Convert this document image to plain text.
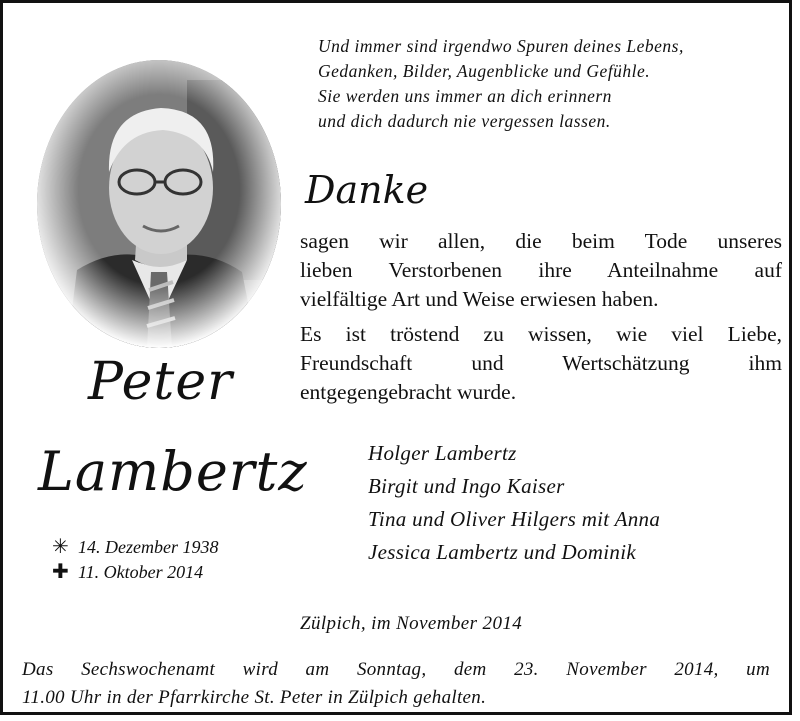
Peter
Lambertz
✳ 14. Dezember 1938
✚ 11. Oktober 2014
Und immer sind irgendwo Spuren deines Lebens,
Gedanken, Bilder, Augenblicke und Gefühle.
Sie werden uns immer an dich erinnern
und dich dadurch nie vergessen lassen.
Danke
sagen wir allen, die beim Tode unseres
lieben Verstorbenen ihre Anteilnahme auf
vielfältige Art und Weise erwiesen haben.
Es ist tröstend zu wissen, wie viel Liebe,
Freundschaft und Wertschätzung ihm
entgegengebracht wurde.
Holger Lambertz
Birgit und Ingo Kaiser
Tina und Oliver Hilgers mit Anna
Jessica Lambertz und Dominik
Zülpich, im November 2014
Das Sechswochenamt wird am Sonntag, dem 23. November 2014, um
11.00 Uhr in der Pfarrkirche St. Peter in Zülpich gehalten.
